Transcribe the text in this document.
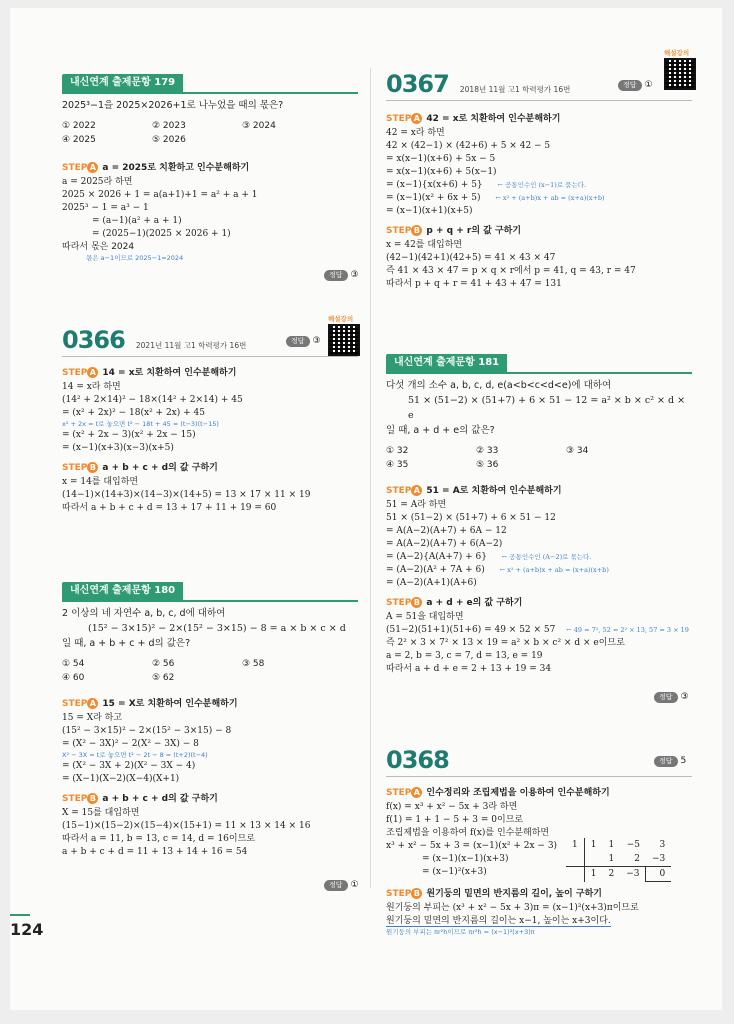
내신연계 출제문항 179
2025³−1을 2025×2026+1로 나누었을 때의 몫은?
① 2022	② 2023	③ 2024
④ 2025	⑤ 2026
STEP A a = 2025로 치환하고 인수분해하기
a = 2025라 하면
2025 × 2026 + 1 = a(a+1)+1 = a² + a + 1
2025³ − 1 = a³ − 1
= (a−1)(a² + a + 1)
= (2025−1)(2025 × 2026 + 1)
따라서 몫은 2024
몫은 a−1이므로 2025−1=2024
정답 ③
0366 2021년 11월 고1 학력평가 16번	정답 ③
해설강의
STEP A 14 = x로 치환하여 인수분해하기
14 = x라 하면
(14² + 2×14)² − 18×(14² + 2×14) + 45
= (x² + 2x)² − 18(x² + 2x) + 45
x² + 2x = t로 놓으면 t² − 18t + 45 = (t−3)(t−15)
= (x² + 2x − 3)(x² + 2x − 15)
= (x−1)(x+3)(x−3)(x+5)
STEP B a + b + c + d의 값 구하기
x = 14를 대입하면
(14−1)×(14+3)×(14−3)×(14+5) = 13 × 17 × 11 × 19
따라서 a + b + c + d = 13 + 17 + 11 + 19 = 60
내신연계 출제문항 180
2 이상의 네 자연수 a, b, c, d에 대하여
(15² − 3×15)² − 2×(15² − 3×15) − 8 = a × b × c × d
일 때, a + b + c + d의 값은?
① 54	② 56	③ 58
④ 60	⑤ 62
STEP A 15 = X로 치환하여 인수분해하기
15 = X라 하고
(15² − 3×15)² − 2×(15² − 3×15) − 8
= (X² − 3X)² − 2(X² − 3X) − 8
X² − 3X = t로 놓으면 t² − 2t − 8 = (t+2)(t−4)
= (X² − 3X + 2)(X² − 3X − 4)
= (X−1)(X−2)(X−4)(X+1)
STEP B a + b + c + d의 값 구하기
X = 15를 대입하면
(15−1)×(15−2)×(15−4)×(15+1) = 11 × 13 × 14 × 16
따라서 a = 11, b = 13, c = 14, d = 16이므로
a + b + c + d = 11 + 13 + 14 + 16 = 54
정답 ①
0367 2018년 11월 고1 학력평가 16번	정답 ①
해설강의
STEP A 42 = x로 치환하여 인수분해하기
42 = x라 하면
42 × (42−1) × (42+6) + 5 × 42 − 5
= x(x−1)(x+6) + 5x − 5
= x(x−1)(x+6) + 5(x−1)
= (x−1){x(x+6) + 5} ← 공통인수인 (x−1)로 묶는다.
= (x−1)(x² + 6x + 5) ← x² + (a+b)x + ab = (x+a)(x+b)
= (x−1)(x+1)(x+5)
STEP B p + q + r의 값 구하기
x = 42를 대입하면
(42−1)(42+1)(42+5) = 41 × 43 × 47
즉 41 × 43 × 47 = p × q × r에서 p = 41, q = 43, r = 47
따라서 p + q + r = 41 + 43 + 47 = 131
내신연계 출제문항 181
다섯 개의 소수 a, b, c, d, e(a<b<c<d<e)에 대하여
51 × (51−2) × (51+7) + 6 × 51 − 12 = a² × b × c² × d × e
일 때, a + d + e의 값은?
① 32	② 33	③ 34
④ 35	⑤ 36
STEP A 51 = A로 치환하여 인수분해하기
51 = A라 하면
51 × (51−2) × (51+7) + 6 × 51 − 12
= A(A−2)(A+7) + 6A − 12
= A(A−2)(A+7) + 6(A−2)
= (A−2){A(A+7) + 6} ← 공통인수인 (A−2)로 묶는다.
= (A−2)(A² + 7A + 6) ← x² + (a+b)x + ab = (x+a)(x+b)
= (A−2)(A+1)(A+6)
STEP B a + d + e의 값 구하기
A = 51을 대입하면
(51−2)(51+1)(51+6) = 49 × 52 × 57 ← 49 = 7², 52 = 2² × 13, 57 = 3 × 19
즉 2² × 3 × 7² × 13 × 19 = a² × b × c² × d × e이므로
a = 2, b = 3, c = 7, d = 13, e = 19
따라서 a + d + e = 2 + 13 + 19 = 34
정답 ③
0368	정답 5
STEP A 인수정리와 조립제법을 이용하여 인수분해하기
f(x) = x³ + x² − 5x + 3라 하면
f(1) = 1 + 1 − 5 + 3 = 0이므로
조립제법을 이용하여 f(x)를 인수분해하면
x³ + x² − 5x + 3 = (x−1)(x² + 2x − 3)
= (x−1)(x−1)(x+3)
= (x−1)²(x+3)
STEP B 원기둥의 밑면의 반지름의 길이, 높이 구하기
원기둥의 부피는 (x³ + x² − 5x + 3)π = (x−1)²(x+3)π이므로
원기둥의 밑면의 반지름의 길이는 x−1, 높이는 x+3이다.
원기둥의 부피는 πr²h이므로 πr²h = (x−1)²(x+3)π
1	1	1	−5	3
		1	2	−3
	1	2	−3	0
124
